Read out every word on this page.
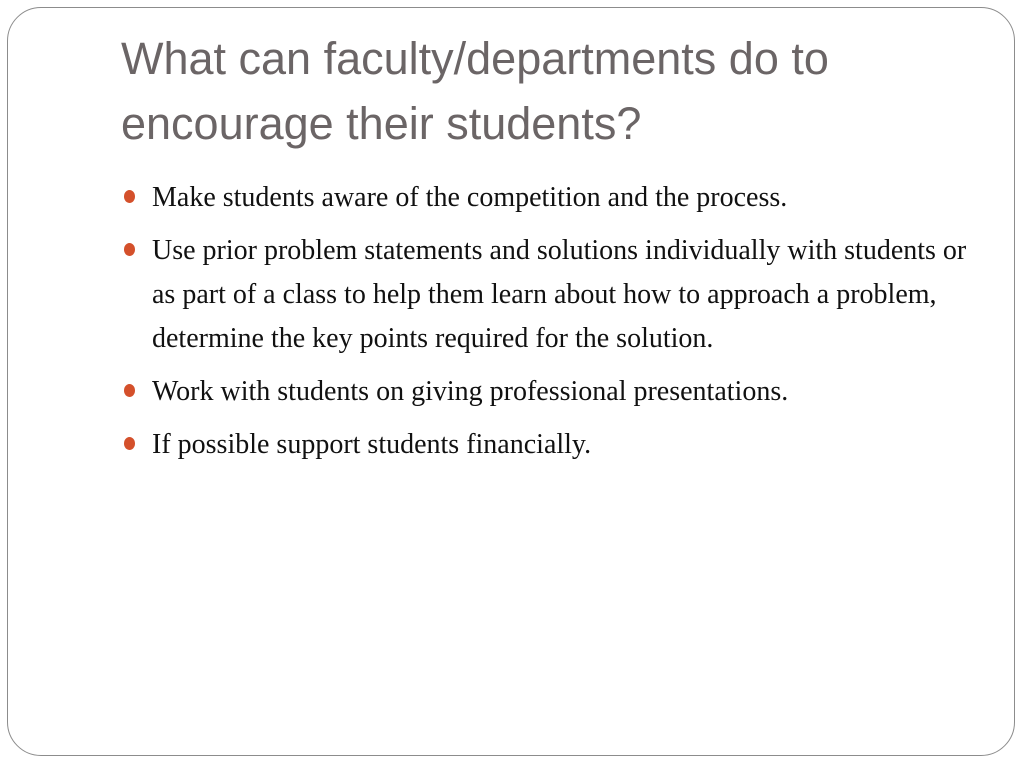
What can faculty/departments do to encourage their students?
Make students aware of the competition and the process.
Use prior problem statements and solutions individually with students or as part of a class to help them learn about how to approach a problem, determine the key points required for the solution.
Work with students on giving professional presentations.
If possible support students financially.
